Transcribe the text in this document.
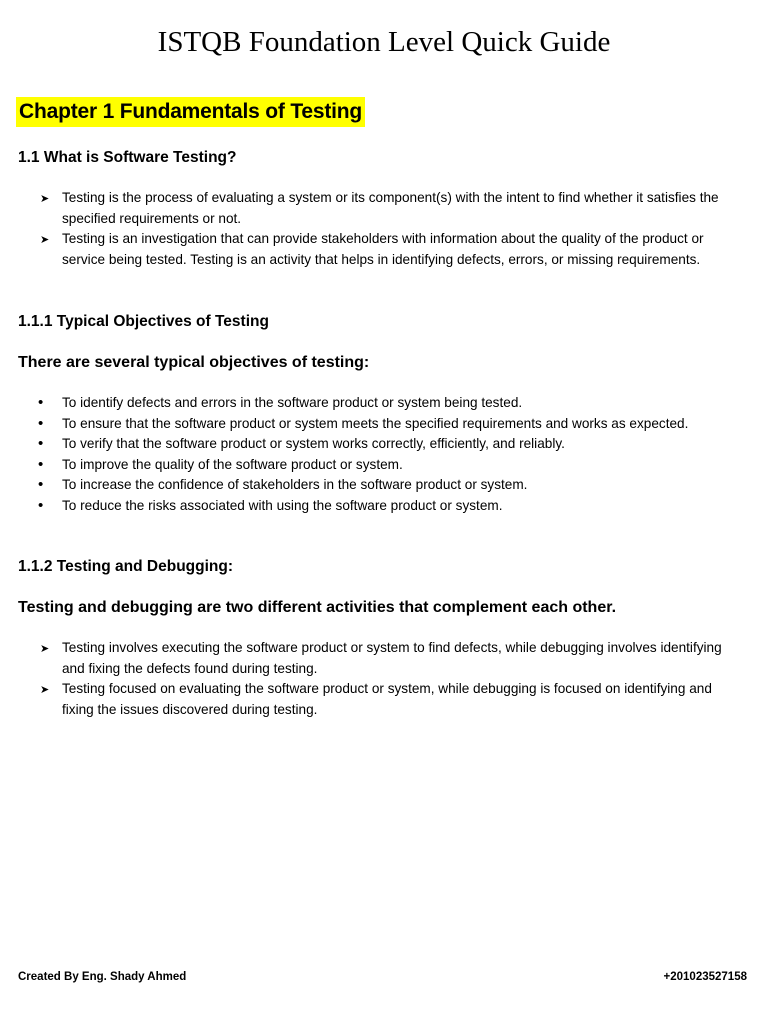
ISTQB Foundation Level Quick Guide
Chapter 1 Fundamentals of Testing
1.1 What is Software Testing?
➤ Testing is the process of evaluating a system or its component(s) with the intent to find whether it satisfies the specified requirements or not.
➤ Testing is an investigation that can provide stakeholders with information about the quality of the product or service being tested. Testing is an activity that helps in identifying defects, errors, or missing requirements.
1.1.1 Typical Objectives of Testing

There are several typical objectives of testing:

•	To identify defects and errors in the software product or system being tested.
•	To ensure that the software product or system meets the specified requirements and works as expected.
•	To verify that the software product or system works correctly, efficiently, and reliably.
•	To improve the quality of the software product or system.
•	To increase the confidence of stakeholders in the software product or system.
•	To reduce the risks associated with using the software product or system.
1.1.2 Testing and Debugging:

Testing and debugging are two different activities that complement each other.

➤ Testing involves executing the software product or system to find defects, while debugging involves identifying and fixing the defects found during testing.
➤ Testing focused on evaluating the software product or system, while debugging is focused on identifying and fixing the issues discovered during testing.
Created By Eng. Shady Ahmed	+201023527158
